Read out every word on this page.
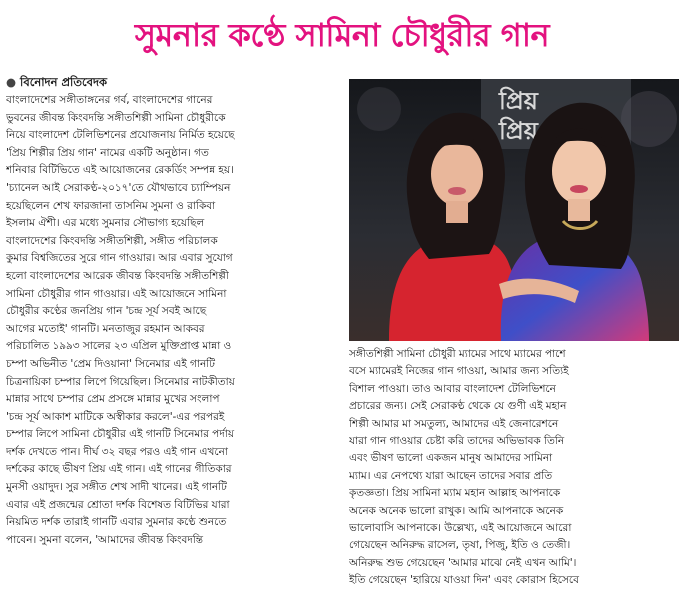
সুমনার কণ্ঠে সামিনা চৌধুরীর গান
● বিনোদন প্রতিবেদক
বাংলাদেশের সঙ্গীতাঙ্গনের গর্ব, বাংলাদেশের গানের
ভুবনের জীবন্ত কিংবদন্তি সঙ্গীতশিল্পী সামিনা চৌধুরীকে
নিয়ে বাংলাদেশ টেলিভিশনের প্রযোজনায় নির্মিত হয়েছে
'প্রিয় শিল্পীর প্রিয় গান' নামের একটি অনুষ্ঠান। গত
শনিবার বিটিভিতে এই আয়োজনের রেকর্ডিং সম্পন্ন হয়।
'চ্যানেল আই সেরাকণ্ঠ-২০১৭'তে যৌথভাবে চ্যাম্পিয়ন
হয়েছিলেন শেখ ফারজানা তাসনিম সুমনা ও রাকিবা
ইসলাম ঐশী। এর মধ্যে সুমনার সৌভাগ্য হয়েছিল
বাংলাদেশের কিংবদন্তি সঙ্গীতশিল্পী, সঙ্গীত পরিচালক
কুমার বিশ্বজিতের সুরে গান গাওয়ার। আর এবার সুযোগ
হলো বাংলাদেশের আরেক জীবন্ত কিংবদন্তি সঙ্গীতশিল্পী
সামিনা চৌধুরীর গান গাওয়ার। এই আয়োজনে সামিনা
চৌধুরীর কণ্ঠের জনপ্রিয় গান 'চন্দ্র সূর্য সবই আছে
আগের মতোই' গানটি। মনতাজুর রহমান আকবর
পরিচালিত ১৯৯৩ সালের ২৩ এপ্রিল মুক্তিপ্রাপ্ত মান্না ও
চম্পা অভিনীত 'প্রেম দিওয়ানা' সিনেমার এই গানটি
চিত্রনায়িকা চম্পার লিপে গিয়েছিল। সিনেমার নাটকীতায়
মান্নার সাথে চম্পার প্রেম প্রসঙ্গে মান্নার মুখের সংলাপ
'চন্দ্র সূর্য আকাশ মাটিকে অস্বীকার করলে'-এর পরপরই
চম্পার লিপে সামিনা চৌধুরীর এই গানটি সিনেমার পর্দায়
দর্শক দেখতে পান। দীর্ঘ ৩২ বছর পরও এই গান এখনো
দর্শকের কাছে ভীষণ প্রিয় এই গান। এই গানের গীতিকার
মুনসী ওয়াদুদ। সুর সঙ্গীত শেখ সাদী খানের। এই গানটি
এবার এই প্রজন্মের শ্রোতা দর্শক বিশেষত বিটিভির যারা
নিয়মিত দর্শক তারাই গানটি এবার সুমনার কণ্ঠে শুনতে
পাবেন। সুমনা বলেন, 'আমাদের জীবন্ত কিংবদন্তি
প্রিয়
প্রিয়
সঙ্গীতশিল্পী সামিনা চৌধুরী ম্যামের সাথে ম্যামের পাশে
বসে ম্যামেরই নিজের গান গাওয়া, আমার জন্য সত্যিই
বিশাল পাওয়া। তাও আবার বাংলাদেশ টেলিভিশনে
প্রচারের জন্য। সেই সেরাকণ্ঠ থেকে যে গুণী এই মহান
শিল্পী আমার মা সমতুল্য, আমাদের এই জেনারেশনে
যারা গান গাওয়ার চেষ্টা করি তাদের অভিভাবক তিনি
এবং ভীষণ ভালো একজন মানুষ আমাদের সামিনা
ম্যাম। এর নেপথ্যে যারা আছেন তাদের সবার প্রতি
কৃতজ্ঞতা। প্রিয় সামিনা ম্যাম মহান আল্লাহ আপনাকে
অনেক অনেক ভালো রাখুক। আমি আপনাকে অনেক
ভালোবাসি আপনাকে। উল্লেখ্য, এই আয়োজনে আরো
গেয়েছেন অনিরুদ্ধ রাসেল, তৃষা, পিজু, ইতি ও তেজী।
অনিরুদ্ধ শুভ গেয়েছেন 'আমার মাঝে নেই এখন আমি'।
ইতি গেয়েছেন 'হারিয়ে যাওয়া দিন' এবং কোরাস হিসেবে
